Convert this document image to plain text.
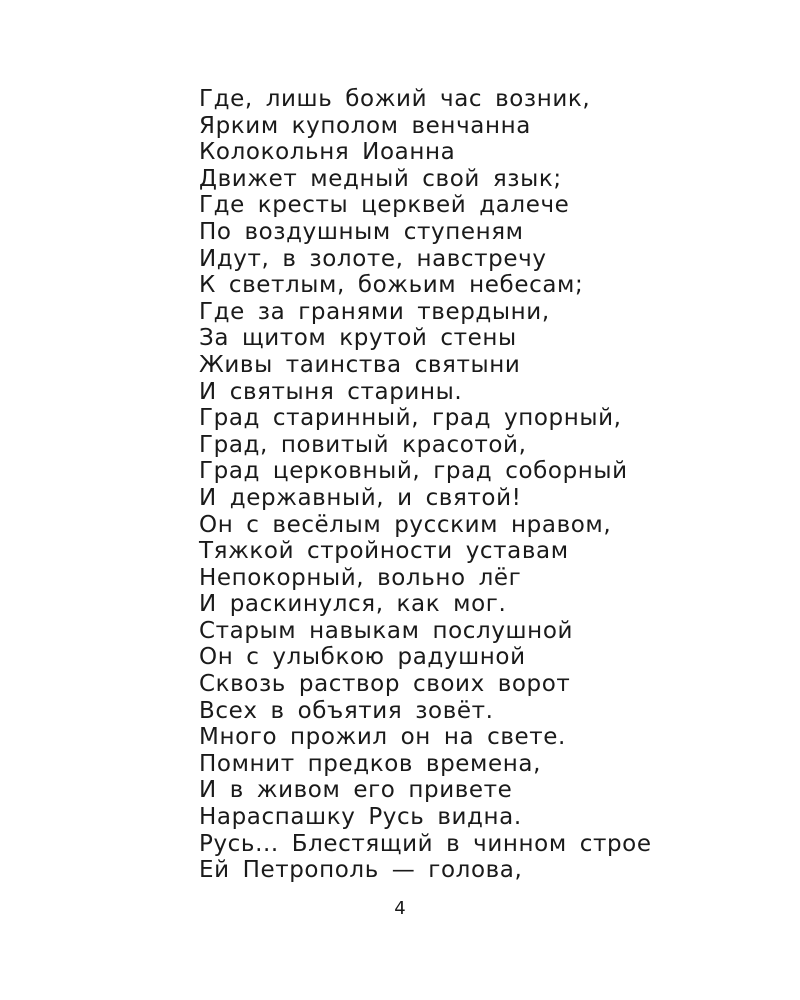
Где, лишь божий час возник,
Ярким куполом венчанна
Колокольня Иоанна
Движет медный свой язык;
Где кресты церквей далече
По воздушным ступеням
Идут, в золоте, навстречу
К светлым, божьим небесам;
Где за гранями твердыни,
За щитом крутой стены
Живы таинства святыни
И святыня старины.
Град старинный, град упорный,
Град, повитый красотой,
Град церковный, град соборный
И державный, и святой!
Он с весёлым русским нравом,
Тяжкой стройности уставам
Непокорный, вольно лёг
И раскинулся, как мог.
Старым навыкам послушной
Он с улыбкою радушной
Сквозь раствор своих ворот
Всех в объятия зовёт.
Много прожил он на свете.
Помнит предков времена,
И в живом его привете
Нараспашку Русь видна.
Русь... Блестящий в чинном строе
Ей Петрополь — голова,
4
